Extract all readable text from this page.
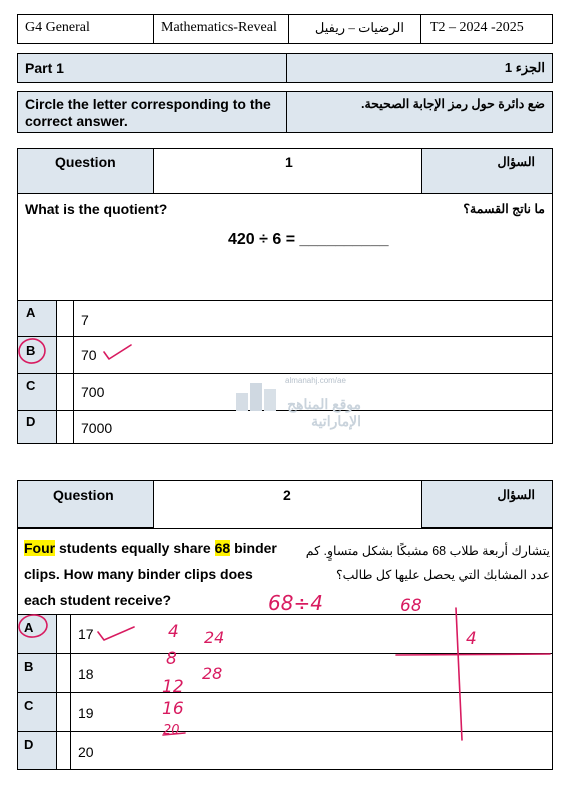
G4 General	Mathematics-Reveal	الرضيات – ريفيل T2 – 2024 -2025
Part 1	الجزء 1
Circle the letter corresponding to the correct answer.
ضع دائرة حول رمز الإجابة الصحيحة.
Question	1	السؤال
What is the quotient?	ما ناتج القسمة؟
420 ÷ 6 = __________
A	7
B	70
C	700
D	7000
almanahj.com/ae
موقع المناهج الإماراتية
Question	2	السؤال
Four students equally share 68 binder clips. How many binder clips does each student receive?
يتشارك أربعة طلاب 68 مشبكًا بشكل متساوٍ. كم عدد المشابك التي يحصل عليها كل طالب؟
A	17
B	18
C	19
D	20
68÷4	68
4
4
8
12
16
20
24
28
